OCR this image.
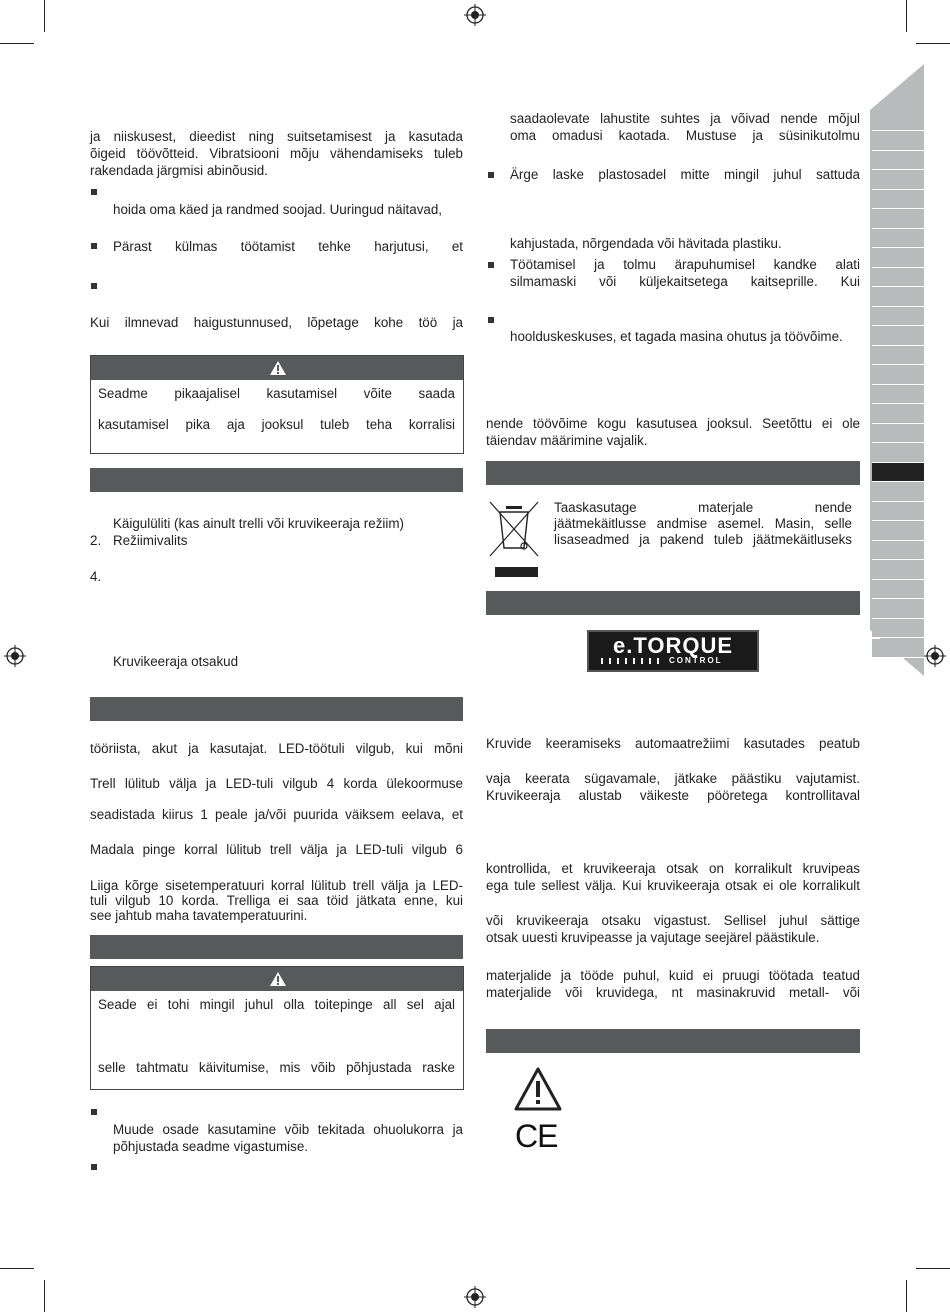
ja niiskusest, dieedist ning suitsetamisest ja kasutada
õigeid töövõtteid. Vibratsiooni mõju vähendamiseks tuleb
rakendada järgmisi abinõusid.
hoida oma käed ja randmed soojad. Uuringud näitavad,
Pärast külmas töötamist tehke harjutusi, et
Kui ilmnevad haigustunnused, lõpetage kohe töö ja
Seadme pikaajalisel kasutamisel võite saada
kasutamisel pika aja jooksul tuleb teha korralisi
Käigulüliti (kas ainult trelli või kruvikeeraja režiim)
2. Režiimivalits
4.
Kruvikeeraja otsakud
tööriista, akut ja kasutajat. LED-töötuli vilgub, kui mõni
Trell lülitub välja ja LED-tuli vilgub 4 korda ülekoormuse
seadistada kiirus 1 peale ja/või puurida väiksem eelava, et
Madala pinge korral lülitub trell välja ja LED-tuli vilgub 6
Liiga kõrge sisetemperatuuri korral lülitub trell välja ja LED-
tuli vilgub 10 korda. Trelliga ei saa töid jätkata enne, kui
see jahtub maha tavatemperatuurini.
Seade ei tohi mingil juhul olla toitepinge all sel ajal
selle tahtmatu käivitumise, mis võib põhjustada raske
Muude osade kasutamine võib tekitada ohuolukorra ja
põhjustada seadme vigastumise.
saadaolevate lahustite suhtes ja võivad nende mõjul
oma omadusi kaotada. Mustuse ja süsinikutolmu
Ärge laske plastosadel mitte mingil juhul sattuda
kahjustada, nõrgendada või hävitada plastiku.
Töötamisel ja tolmu ärapuhumisel kandke alati
silmamaski või küljekaitsetega kaitseprille. Kui
hoolduskeskuses, et tagada masina ohutus ja töövõime.
nende töövõime kogu kasutusea jooksul. Seetõttu ei ole
täiendav määrimine vajalik.
Taaskasutage materjale nende
jäätmekäitlusse andmise asemel. Masin, selle
lisaseadmed ja pakend tuleb jäätmekäitluseks
e.TORQUE
CONTROL
Kruvide keeramiseks automaatrežiimi kasutades peatub
vaja keerata sügavamale, jätkake päästiku vajutamist.
Kruvikeeraja alustab väikeste pööretega kontrollitaval
kontrollida, et kruvikeeraja otsak on korralikult kruvipeas
ega tule sellest välja. Kui kruvikeeraja otsak ei ole korralikult
või kruvikeeraja otsaku vigastust. Sellisel juhul sättige
otsak uuesti kruvipeasse ja vajutage seejärel päästikule.
materjalide ja tööde puhul, kuid ei pruugi töötada teatud
materjalide või kruvidega, nt masinakruvid metall- või
CE
